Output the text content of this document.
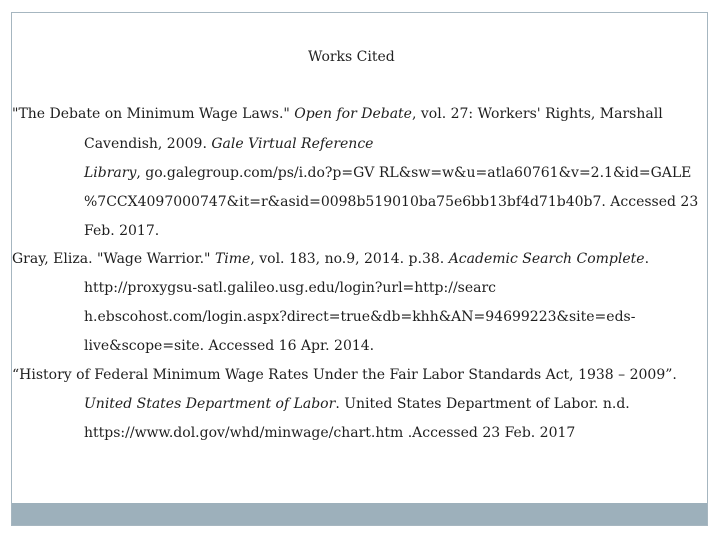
Works Cited
"The Debate on Minimum Wage Laws." Open for Debate, vol. 27: Workers' Rights, Marshall
Cavendish, 2009. Gale Virtual Reference
Library, go.galegroup.com/ps/i.do?p=GV RL&sw=w&u=atla60761&v=2.1&id=GALE
%7CCX4097000747&it=r&asid=0098b519010ba75e6bb13bf4d71b40b7. Accessed 23
Feb. 2017.
Gray, Eliza. "Wage Warrior." Time, vol. 183, no.9, 2014. p.38. Academic Search Complete.
http://proxygsu-satl.galileo.usg.edu/login?url=http://searc
h.ebscohost.com/login.aspx?direct=true&db=khh&AN=94699223&site=eds-
live&scope=site. Accessed 16 Apr. 2014.
“History of Federal Minimum Wage Rates Under the Fair Labor Standards Act, 1938 – 2009”.
United States Department of Labor. United States Department of Labor. n.d.
https://www.dol.gov/whd/minwage/chart.htm .Accessed 23 Feb. 2017
